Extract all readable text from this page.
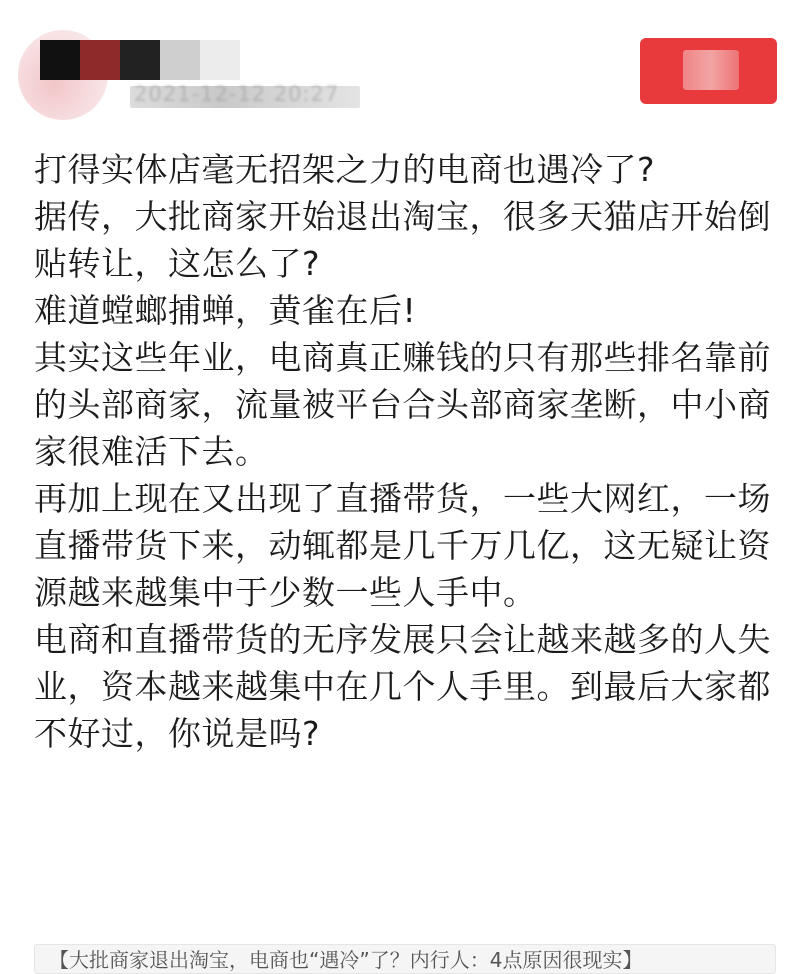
2021-12-12 20:27

打得实体店毫无招架之力的电商也遇冷了?

据传，大批商家开始退出淘宝，很多天猫店开始倒贴转让，这怎么了?

难道螳螂捕蝉，黄雀在后!

其实这些年业，电商真正赚钱的只有那些排名靠前的头部商家，流量被平台合头部商家垄断，中小商家很难活下去。

再加上现在又出现了直播带货，一些大网红，一场直播带货下来，动辄都是几千万几亿，这无疑让资源越来越集中于少数一些人手中。

电商和直播带货的无序发展只会让越来越多的人失业，资本越来越集中在几个人手里。到最后大家都不好过，你说是吗?

【大批商家退出淘宝，电商也“遇冷”了？内行人：4点原因很现实】
